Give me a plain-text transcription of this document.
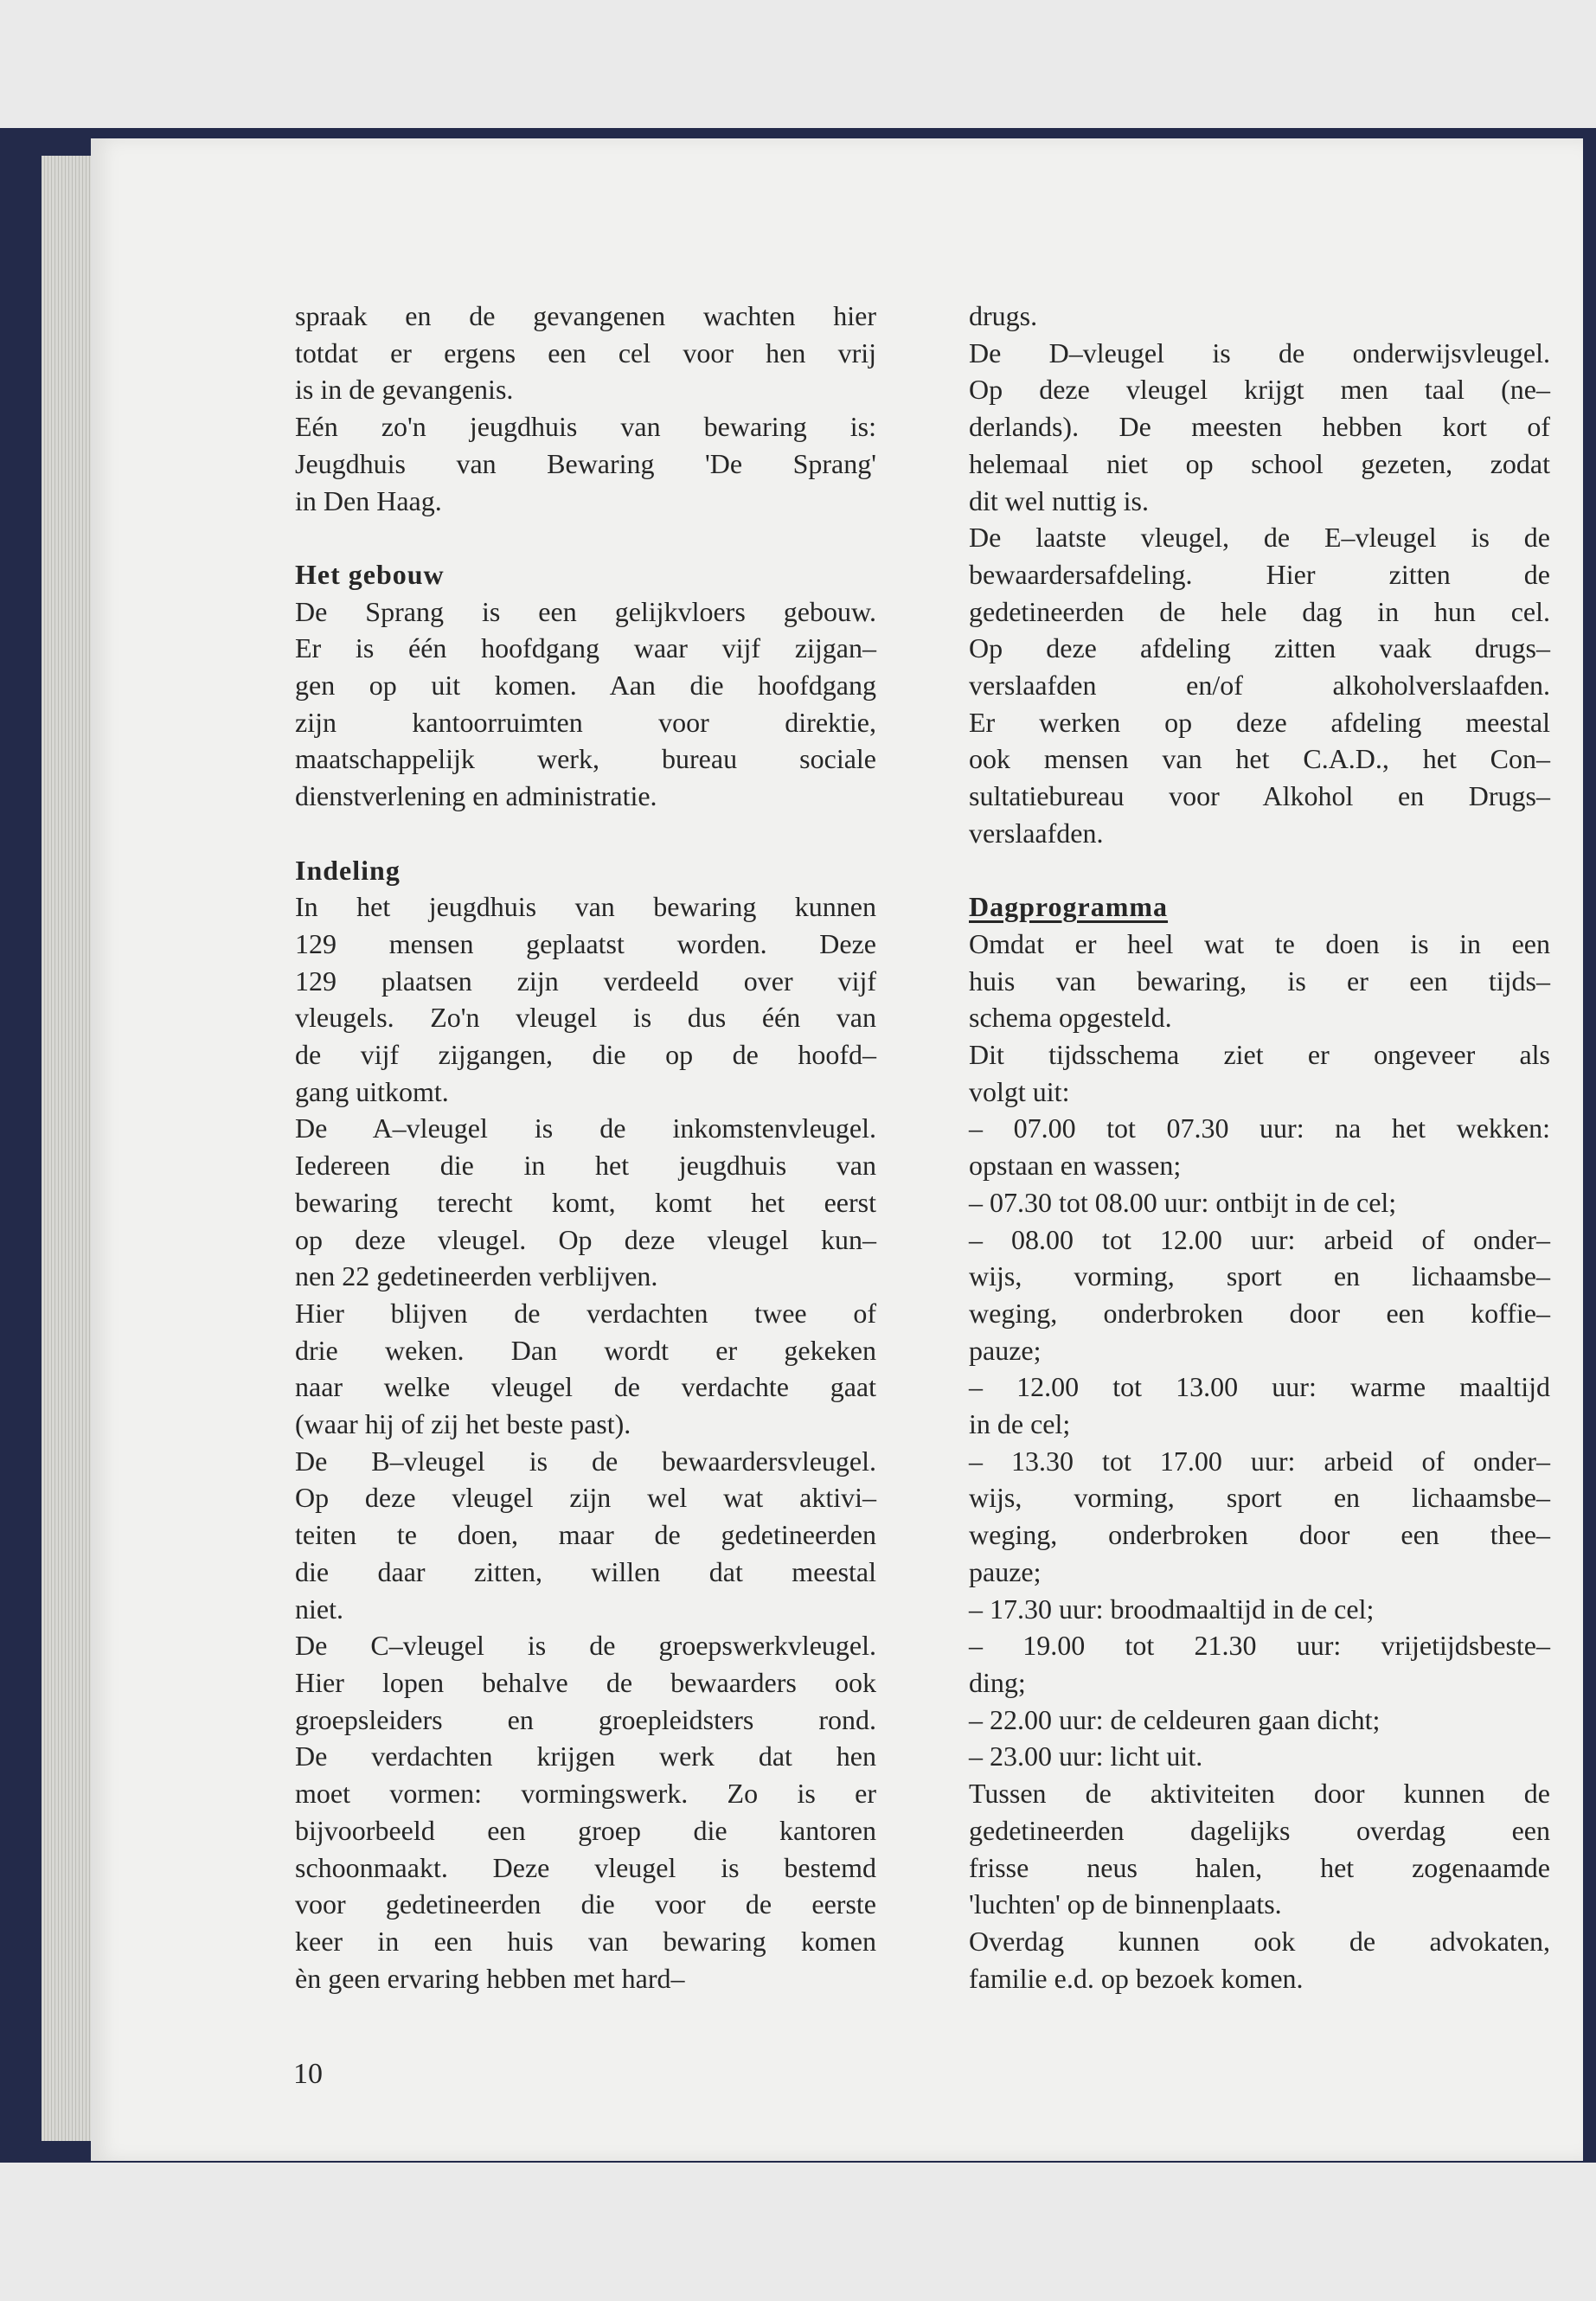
spraak en de gevangenen wachten hier
totdat er ergens een cel voor hen vrij
is in de gevangenis.
Eén zo'n jeugdhuis van bewaring is:
Jeugdhuis van Bewaring 'De Sprang'
in Den Haag.
Het gebouw
De Sprang is een gelijkvloers gebouw.
Er is één hoofdgang waar vijf zijgan–
gen op uit komen. Aan die hoofdgang
zijn kantoorruimten voor direktie,
maatschappelijk werk, bureau sociale
dienstverlening en administratie.
Indeling
In het jeugdhuis van bewaring kunnen
129 mensen geplaatst worden. Deze
129 plaatsen zijn verdeeld over vijf
vleugels. Zo'n vleugel is dus één van
de vijf zijgangen, die op de hoofd–
gang uitkomt.
De A–vleugel is de inkomstenvleugel.
Iedereen die in het jeugdhuis van
bewaring terecht komt, komt het eerst
op deze vleugel. Op deze vleugel kun–
nen 22 gedetineerden verblijven.
Hier blijven de verdachten twee of
drie weken. Dan wordt er gekeken
naar welke vleugel de verdachte gaat
(waar hij of zij het beste past).
De B–vleugel is de bewaardersvleugel.
Op deze vleugel zijn wel wat aktivi–
teiten te doen, maar de gedetineerden
die daar zitten, willen dat meestal
niet.
De C–vleugel is de groepswerkvleugel.
Hier lopen behalve de bewaarders ook
groepsleiders en groepleidsters rond.
De verdachten krijgen werk dat hen
moet vormen: vormingswerk. Zo is er
bijvoorbeeld een groep die kantoren
schoonmaakt. Deze vleugel is bestemd
voor gedetineerden die voor de eerste
keer in een huis van bewaring komen
èn geen ervaring hebben met hard–
drugs.
De D–vleugel is de onderwijsvleugel.
Op deze vleugel krijgt men taal (ne–
derlands). De meesten hebben kort of
helemaal niet op school gezeten, zodat
dit wel nuttig is.
De laatste vleugel, de E–vleugel is de
bewaardersafdeling. Hier zitten de
gedetineerden de hele dag in hun cel.
Op deze afdeling zitten vaak drugs–
verslaafden en/of alkoholverslaafden.
Er werken op deze afdeling meestal
ook mensen van het C.A.D., het Con–
sultatiebureau voor Alkohol en Drugs–
verslaafden.
Dagprogramma
Omdat er heel wat te doen is in een
huis van bewaring, is er een tijds–
schema opgesteld.
Dit tijdsschema ziet er ongeveer als
volgt uit:
– 07.00 tot 07.30 uur: na het wekken:
opstaan en wassen;
– 07.30 tot 08.00 uur: ontbijt in de cel;
– 08.00 tot 12.00 uur: arbeid of onder–
wijs, vorming, sport en lichaamsbe–
weging, onderbroken door een koffie–
pauze;
– 12.00 tot 13.00 uur: warme maaltijd
in de cel;
– 13.30 tot 17.00 uur: arbeid of onder–
wijs, vorming, sport en lichaamsbe–
weging, onderbroken door een thee–
pauze;
– 17.30 uur: broodmaaltijd in de cel;
– 19.00 tot 21.30 uur: vrijetijdsbeste–
ding;
– 22.00 uur: de celdeuren gaan dicht;
– 23.00 uur: licht uit.
Tussen de aktiviteiten door kunnen de
gedetineerden dagelijks overdag een
frisse neus halen, het zogenaamde
'luchten' op de binnenplaats.
Overdag kunnen ook de advokaten,
familie e.d. op bezoek komen.
10
